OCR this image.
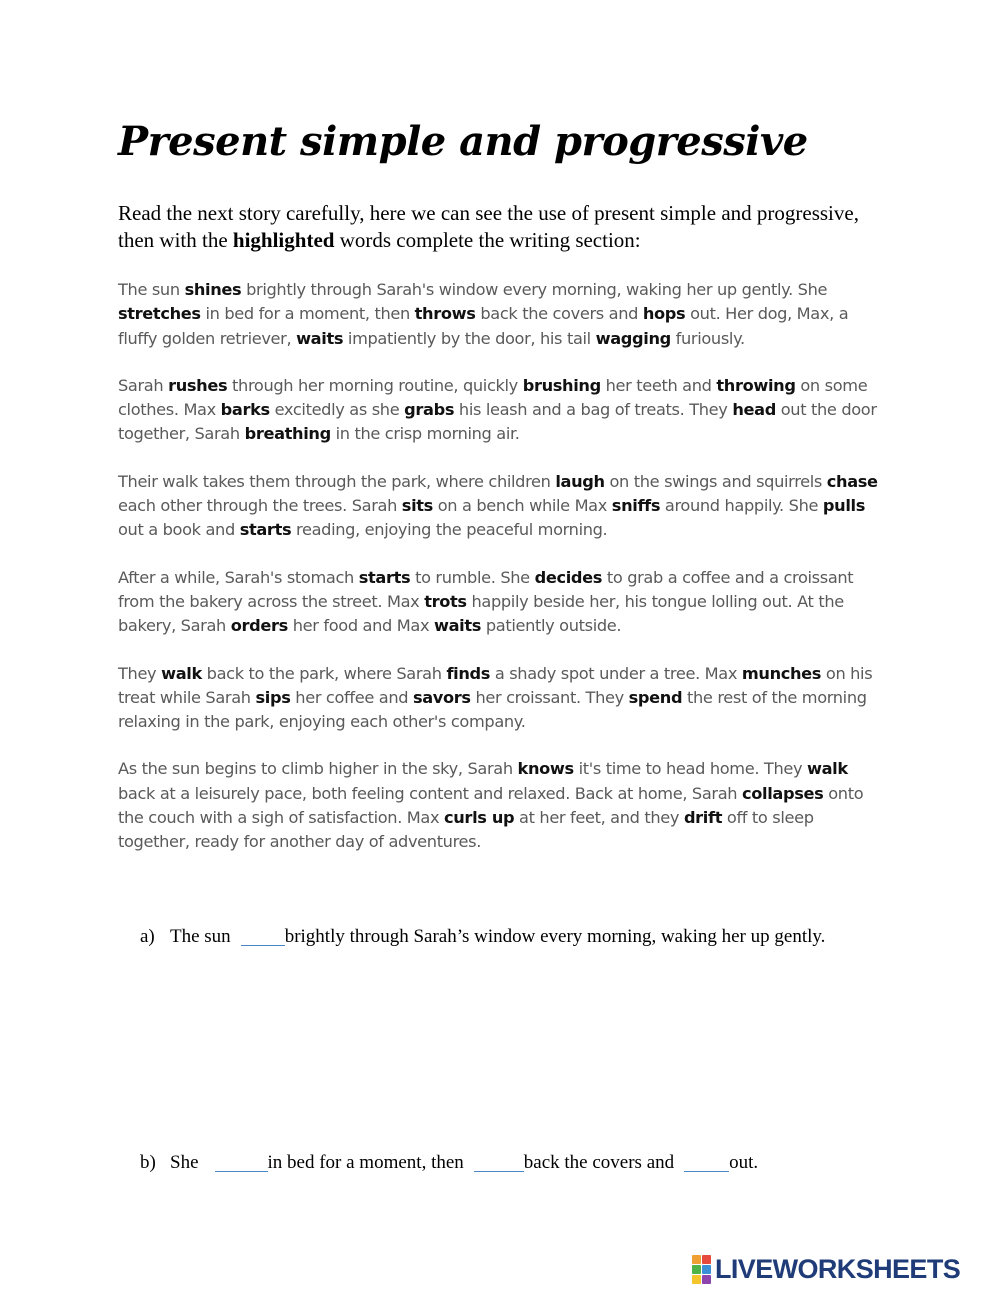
Present simple and progressive

Read the next story carefully, here we can see the use of present simple and progressive, then with the highlighted words complete the writing section:

The sun shines brightly through Sarah's window every morning, waking her up gently. She stretches in bed for a moment, then throws back the covers and hops out. Her dog, Max, a fluffy golden retriever, waits impatiently by the door, his tail wagging furiously.

Sarah rushes through her morning routine, quickly brushing her teeth and throwing on some clothes. Max barks excitedly as she grabs his leash and a bag of treats. They head out the door together, Sarah breathing in the crisp morning air.

Their walk takes them through the park, where children laugh on the swings and squirrels chase each other through the trees. Sarah sits on a bench while Max sniffs around happily. She pulls out a book and starts reading, enjoying the peaceful morning.

After a while, Sarah's stomach starts to rumble. She decides to grab a coffee and a croissant from the bakery across the street. Max trots happily beside her, his tongue lolling out. At the bakery, Sarah orders her food and Max waits patiently outside.

They walk back to the park, where Sarah finds a shady spot under a tree. Max munches on his treat while Sarah sips her coffee and savors her croissant. They spend the rest of the morning relaxing in the park, enjoying each other's company.

As the sun begins to climb higher in the sky, Sarah knows it's time to head home. They walk back at a leisurely pace, both feeling content and relaxed. Back at home, Sarah collapses onto the couch with a sigh of satisfaction. Max curls up at her feet, and they drift off to sleep together, ready for another day of adventures.

a) The sun	brightly through Sarah’s window every morning, waking her up gently.
b) She	in bed for a moment, then	back the covers and	out.
LIVEWORKSHEETS
